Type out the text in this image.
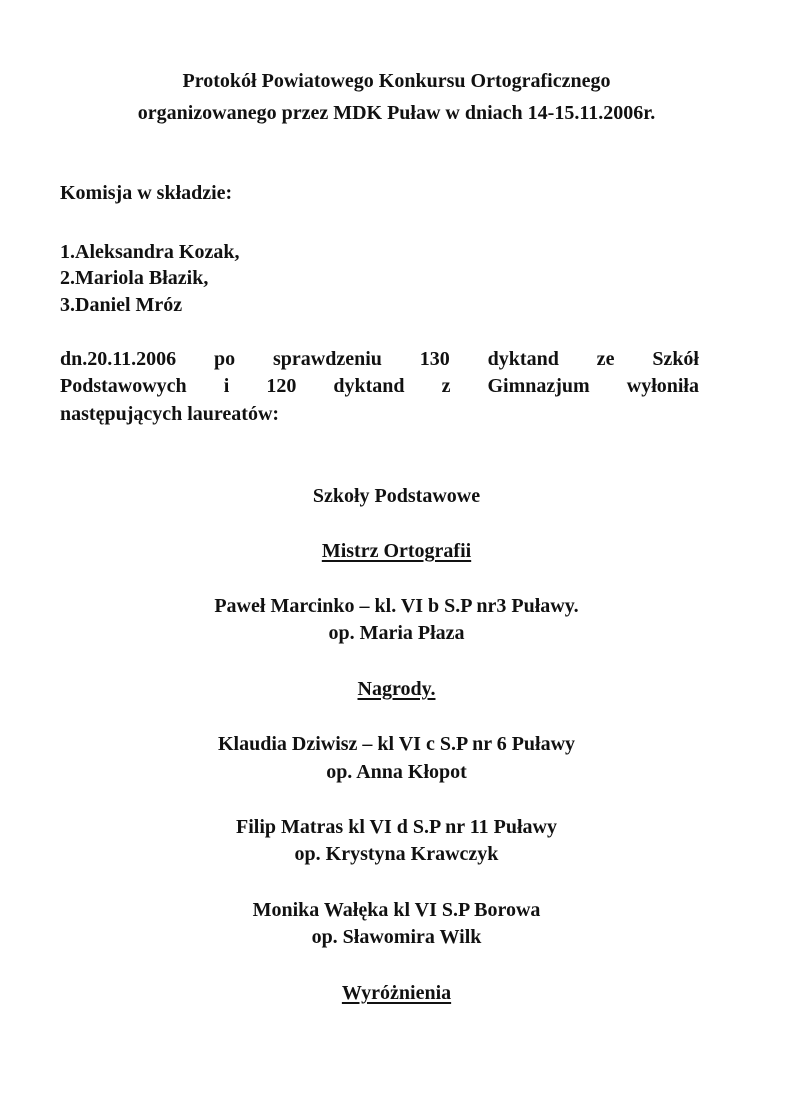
Protokół Powiatowego Konkursu Ortograficznego
organizowanego przez MDK Puław w dniach 14-15.11.2006r.
Komisja w składzie:
1.Aleksandra Kozak,
2.Mariola Błazik,
3.Daniel Mróz
dn.20.11.2006 po sprawdzeniu 130 dyktand ze Szkół
Podstawowych i 120 dyktand z Gimnazjum wyłoniła
następujących laureatów:
Szkoły Podstawowe
Mistrz Ortografii
Paweł Marcinko – kl. VI b S.P nr3 Puławy.
op. Maria Płaza
Nagrody.
Klaudia Dziwisz – kl VI c S.P nr 6 Puławy
op. Anna Kłopot
Filip Matras kl VI d S.P nr 11 Puławy
op. Krystyna Krawczyk
Monika Wałęka kl VI S.P Borowa
op. Sławomira Wilk
Wyróżnienia
